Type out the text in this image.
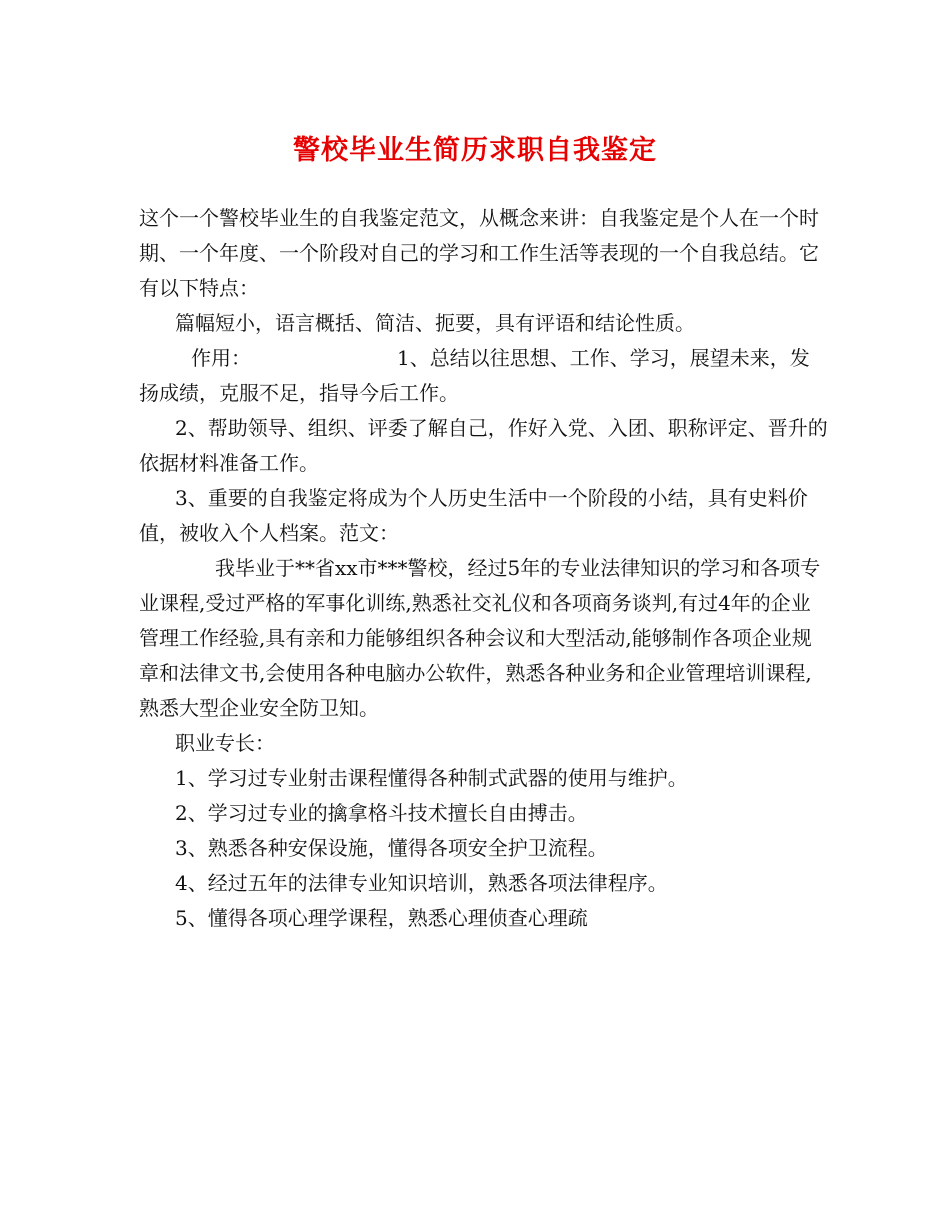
警校毕业生简历求职自我鉴定

这个一个警校毕业生的自我鉴定范文，从概念来讲：自我鉴定是个人在一个时期、一个年度、一个阶段对自己的学习和工作生活等表现的一个自我总结。它有以下特点：

篇幅短小，语言概括、简洁、扼要，具有评语和结论性质。

作用：	1、总结以往思想、工作、学习，展望未来，发扬成绩，克服不足，指导今后工作。

2、帮助领导、组织、评委了解自己，作好入党、入团、职称评定、晋升的依据材料准备工作。

3、重要的自我鉴定将成为个人历史生活中一个阶段的小结，具有史料价值，被收入个人档案。范文：

我毕业于**省xx市***警校，经过5年的专业法律知识的学习和各项专业课程,受过严格的军事化训练,熟悉社交礼仪和各项商务谈判,有过4年的企业管理工作经验,具有亲和力能够组织各种会议和大型活动,能够制作各项企业规章和法律文书,会使用各种电脑办公软件，熟悉各种业务和企业管理培训课程,熟悉大型企业安全防卫知。

职业专长：

1、学习过专业射击课程懂得各种制式武器的使用与维护。

2、学习过专业的擒拿格斗技术擅长自由搏击。

3、熟悉各种安保设施，懂得各项安全护卫流程。

4、经过五年的法律专业知识培训，熟悉各项法律程序。

5、懂得各项心理学课程，熟悉心理侦查心理疏
